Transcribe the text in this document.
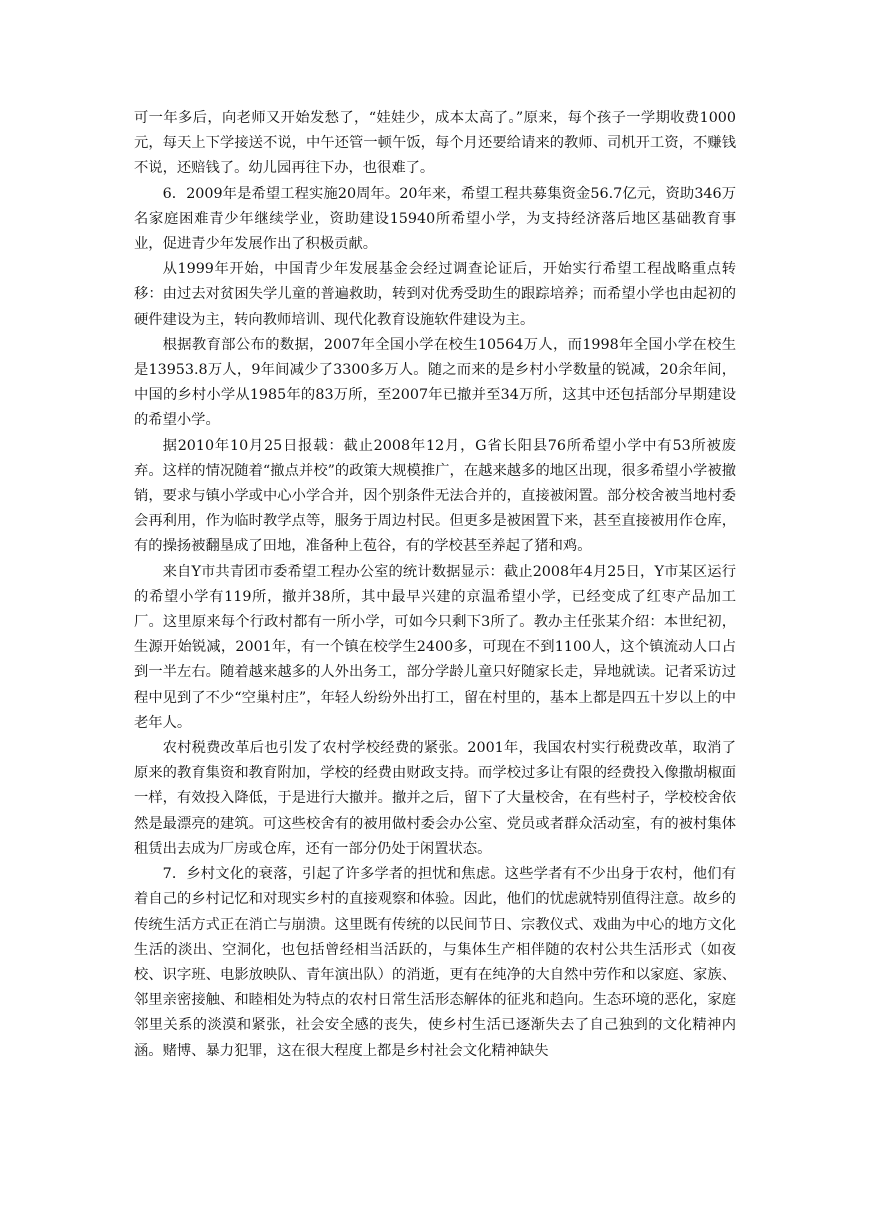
可一年多后，向老师又开始发愁了，“娃娃少，成本太高了。”原来，每个孩子一学期收费1000元，每天上下学接送不说，中午还管一顿午饭，每个月还要给请来的教师、司机开工资，不赚钱不说，还赔钱了。幼儿园再往下办，也很难了。

6．2009年是希望工程实施20周年。20年来，希望工程共募集资金56.7亿元，资助346万名家庭困难青少年继续学业，资助建设15940所希望小学，为支持经济落后地区基础教育事业，促进青少年发展作出了积极贡献。

从1999年开始，中国青少年发展基金会经过调查论证后，开始实行希望工程战略重点转移：由过去对贫困失学儿童的普遍救助，转到对优秀受助生的跟踪培养；而希望小学也由起初的硬件建设为主，转向教师培训、现代化教育设施软件建设为主。

根据教育部公布的数据，2007年全国小学在校生10564万人，而1998年全国小学在校生是13953.8万人，9年间减少了3300多万人。随之而来的是乡村小学数量的锐减，20余年间，中国的乡村小学从1985年的83万所，至2007年已撤并至34万所，这其中还包括部分早期建设的希望小学。

据2010年10月25日报载：截止2008年12月，G省长阳县76所希望小学中有53所被废弃。这样的情况随着“撤点并校”的政策大规模推广，在越来越多的地区出现，很多希望小学被撤销，要求与镇小学或中心小学合并，因个别条件无法合并的，直接被闲置。部分校舍被当地村委会再利用，作为临时教学点等，服务于周边村民。但更多是被困置下来，甚至直接被用作仓库，有的操扬被翻垦成了田地，准备种上苞谷，有的学校甚至养起了猪和鸡。

来自Y市共青团市委希望工程办公室的统计数据显示：截止2008年4月25日，Y市某区运行的希望小学有119所，撤并38所，其中最早兴建的京温希望小学，已经变成了红枣产品加工厂。这里原来每个行政村都有一所小学，可如今只剩下3所了。教办主任张某介绍：本世纪初，生源开始锐减，2001年，有一个镇在校学生2400多，可现在不到1100人，这个镇流动人口占到一半左右。随着越来越多的人外出务工，部分学龄儿童只好随家长走，异地就读。记者采访过程中见到了不少“空巢村庄”，年轻人纷纷外出打工，留在村里的，基本上都是四五十岁以上的中老年人。

农村税费改革后也引发了农村学校经费的紧张。2001年，我国农村实行税费改革，取消了原来的教育集资和教育附加，学校的经费由财政支持。而学校过多让有限的经费投入像撒胡椒面一样，有效投入降低，于是进行大撤并。撤并之后，留下了大量校舍，在有些村子，学校校舍依然是最漂亮的建筑。可这些校舍有的被用做村委会办公室、党员或者群众活动室，有的被村集体租赁出去成为厂房或仓库，还有一部分仍处于闲置状态。

7．乡村文化的衰落，引起了许多学者的担忧和焦虑。这些学者有不少出身于农村，他们有着自己的乡村记忆和对现实乡村的直接观察和体验。因此，他们的忧虑就特别值得注意。故乡的传统生活方式正在消亡与崩溃。这里既有传统的以民间节日、宗教仪式、戏曲为中心的地方文化生活的淡出、空洞化，也包括曾经相当活跃的，与集体生产相伴随的农村公共生活形式（如夜校、识字班、电影放映队、青年演出队）的消逝，更有在纯净的大自然中劳作和以家庭、家族、邻里亲密接触、和睦相处为特点的农村日常生活形态解体的征兆和趋向。生态环境的恶化，家庭邻里关系的淡漠和紧张，社会安全感的丧失，使乡村生活已逐渐失去了自己独到的文化精神内涵。赌博、暴力犯罪，这在很大程度上都是乡村社会文化精神缺失
